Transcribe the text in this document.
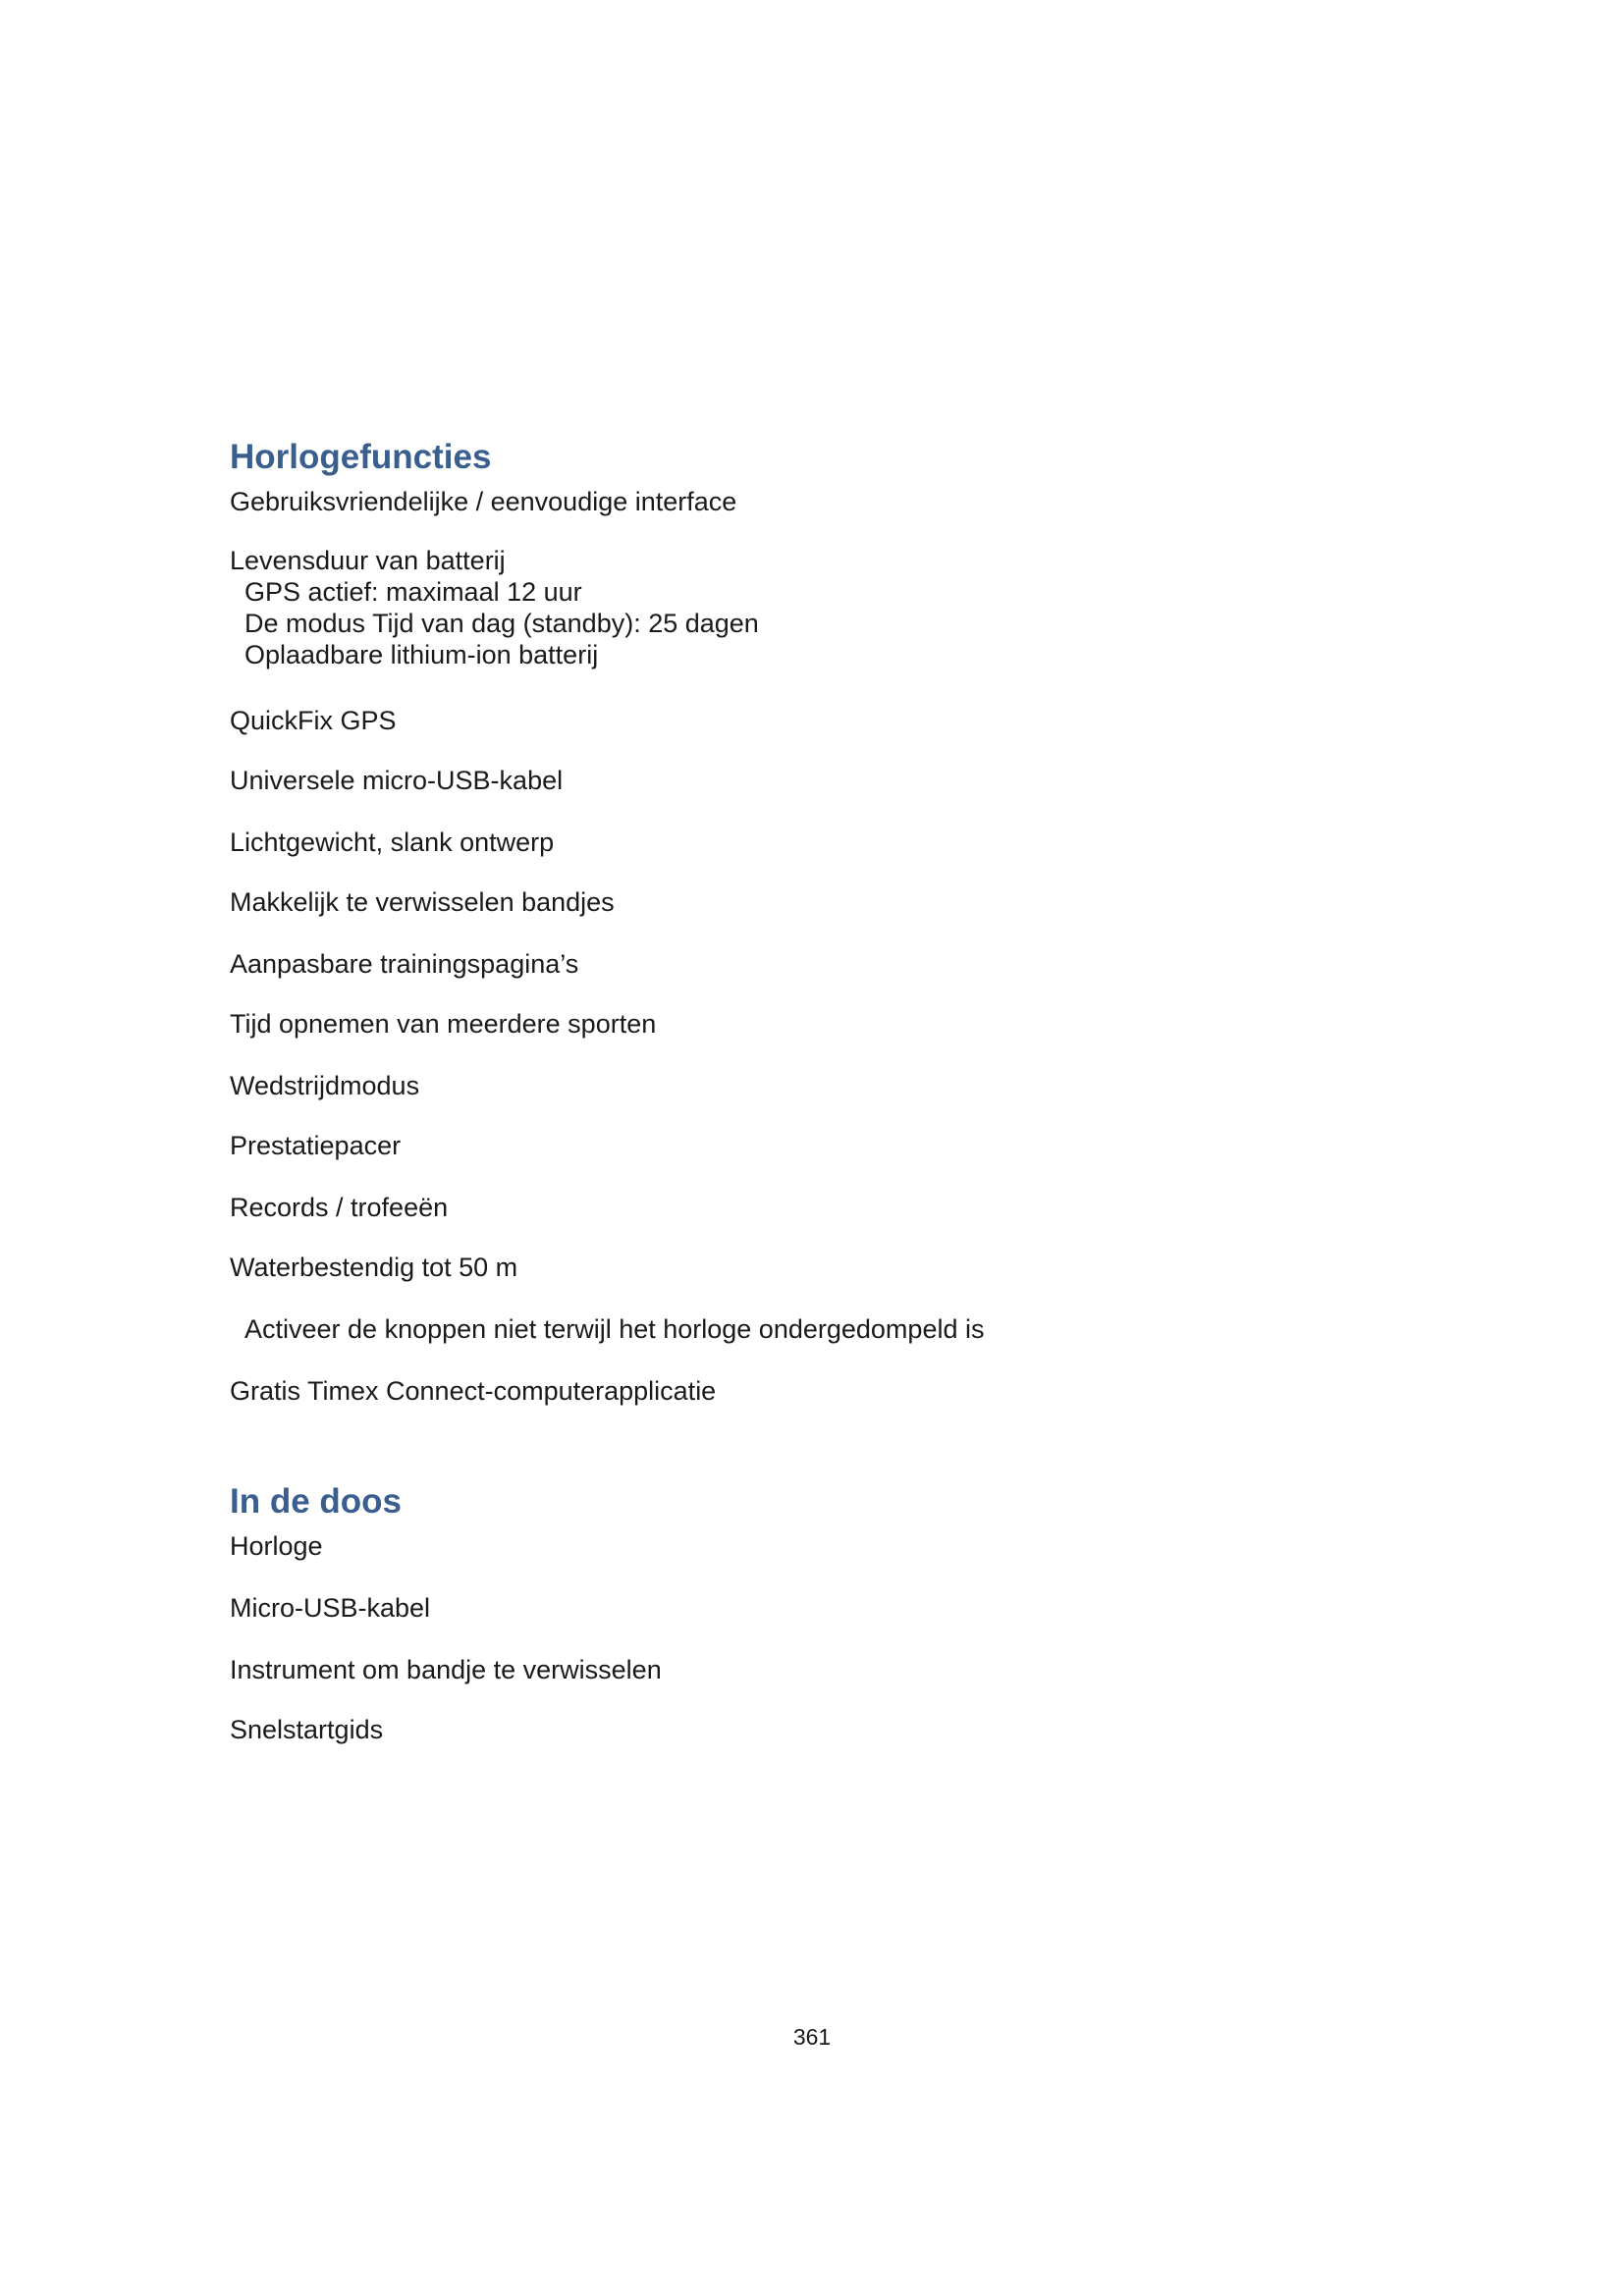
Horlogefuncties

Gebruiksvriendelijke / eenvoudige interface

Levensduur van batterij

GPS actief: maximaal 12 uur

De modus Tijd van dag (standby): 25 dagen

Oplaadbare lithium-ion batterij

QuickFix GPS

Universele micro-USB-kabel

Lichtgewicht, slank ontwerp

Makkelijk te verwisselen bandjes

Aanpasbare trainingspagina’s

Tijd opnemen van meerdere sporten

Wedstrijdmodus

Prestatiepacer

Records / trofeeën

Waterbestendig tot 50 m

Activeer de knoppen niet terwijl het horloge ondergedompeld is

Gratis Timex Connect-computerapplicatie

In de doos

Horloge

Micro-USB-kabel

Instrument om bandje te verwisselen

Snelstartgids

361
